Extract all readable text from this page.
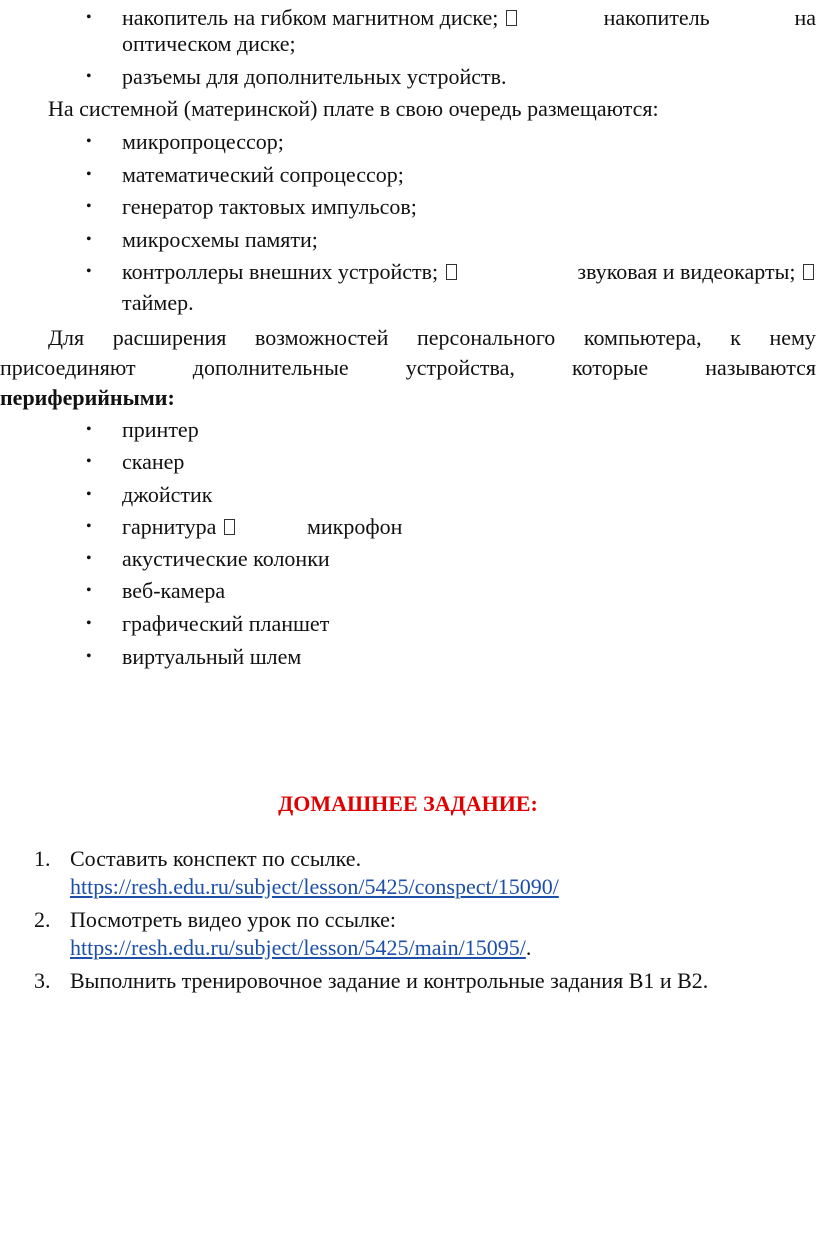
• накопитель на гибком магнитном диске;	накопитель	на
оптическом диске;
• разъемы для дополнительных устройств.
На системной (материнской) плате в свою очередь размещаются:
• микропроцессор;
• математический сопроцессор;
• генератор тактовых импульсов;
• микросхемы памяти;
• контроллеры внешних устройств;	звуковая и видеокарты;
таймер.
Для расширения возможностей персонального компьютера, к нему
присоединяют	дополнительные	устройства,	которые	называются
периферийными:
• принтер
• сканер
• джойстик
• гарнитура	микрофон
• акустические колонки
• веб-камера
• графический планшет
• виртуальный шлем
ДОМАШНЕЕ ЗАДАНИЕ:
1. Составить конспект по ссылке.
https://resh.edu.ru/subject/lesson/5425/conspect/15090/
2. Посмотреть видео урок по ссылке:
https://resh.edu.ru/subject/lesson/5425/main/15095/.
3. Выполнить тренировочное задание и контрольные задания В1 и В2.
